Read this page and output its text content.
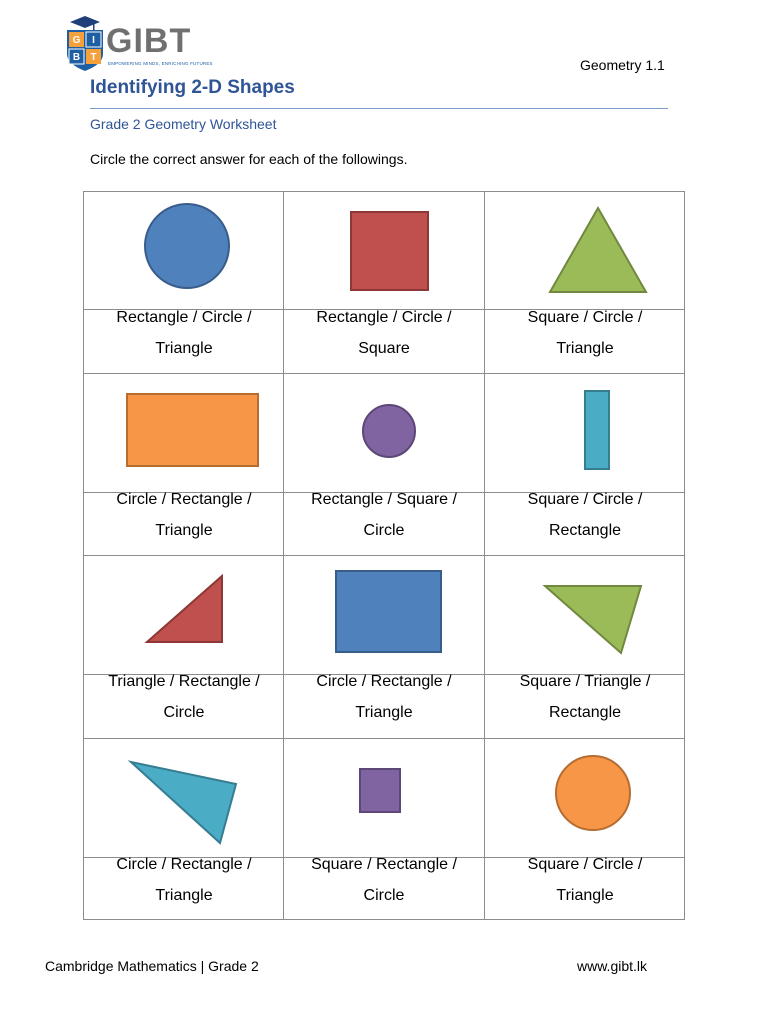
G I
B T GIBT
EMPOWERING MINDS, ENRICHING FUTURES	Geometry 1.1
Identifying 2-D Shapes
Grade 2 Geometry Worksheet
Circle the correct answer for each of the followings.
Rectangle / Circle /
Triangle
Rectangle / Circle /
Square
Square / Circle /
Triangle
Circle / Rectangle /
Triangle
Rectangle / Square /
Circle
Square / Circle /
Rectangle
Triangle / Rectangle /
Circle
Circle / Rectangle /
Triangle
Square / Triangle /
Rectangle
Circle / Rectangle /
Triangle
Square / Rectangle /
Circle
Square / Circle /
Triangle
Cambridge Mathematics | Grade 2	www.gibt.lk
